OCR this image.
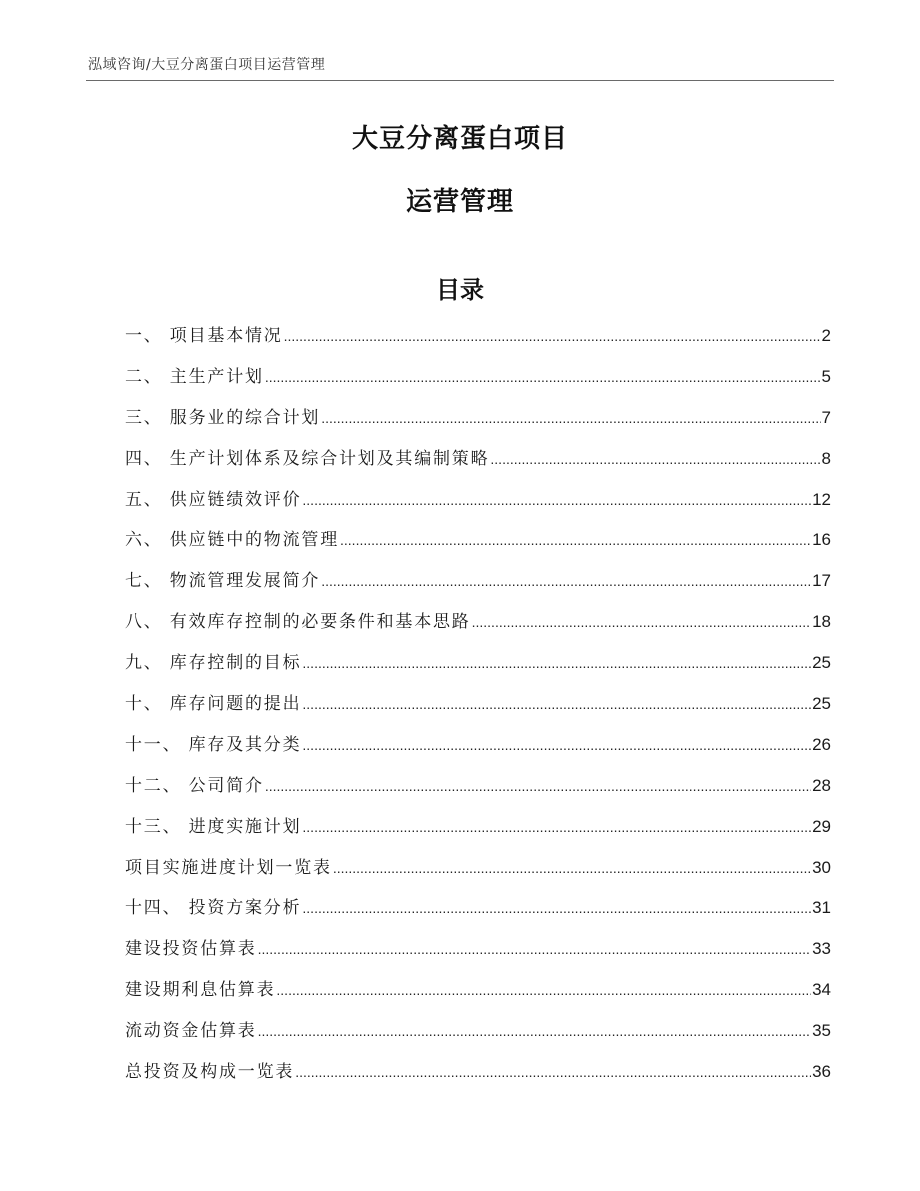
泓域咨询/大豆分离蛋白项目运营管理
大豆分离蛋白项目
运营管理
目录
一、 项目基本情况 .....	2
二、 主生产计划 .....	5
三、 服务业的综合计划 .....	7
四、 生产计划体系及综合计划及其编制策略 .....	8
五、 供应链绩效评价 .....	12
六、 供应链中的物流管理 .....	16
七、 物流管理发展简介 .....	17
八、 有效库存控制的必要条件和基本思路 .....	18
九、 库存控制的目标 .....	25
十、 库存问题的提出 .....	25
十一、 库存及其分类 .....	26
十二、 公司简介 .....	28
十三、 进度实施计划 .....	29
项目实施进度计划一览表 .....	30
十四、 投资方案分析 .....	31
建设投资估算表 .....	33
建设期利息估算表 .....	34
流动资金估算表 .....	35
总投资及构成一览表 .....	36
